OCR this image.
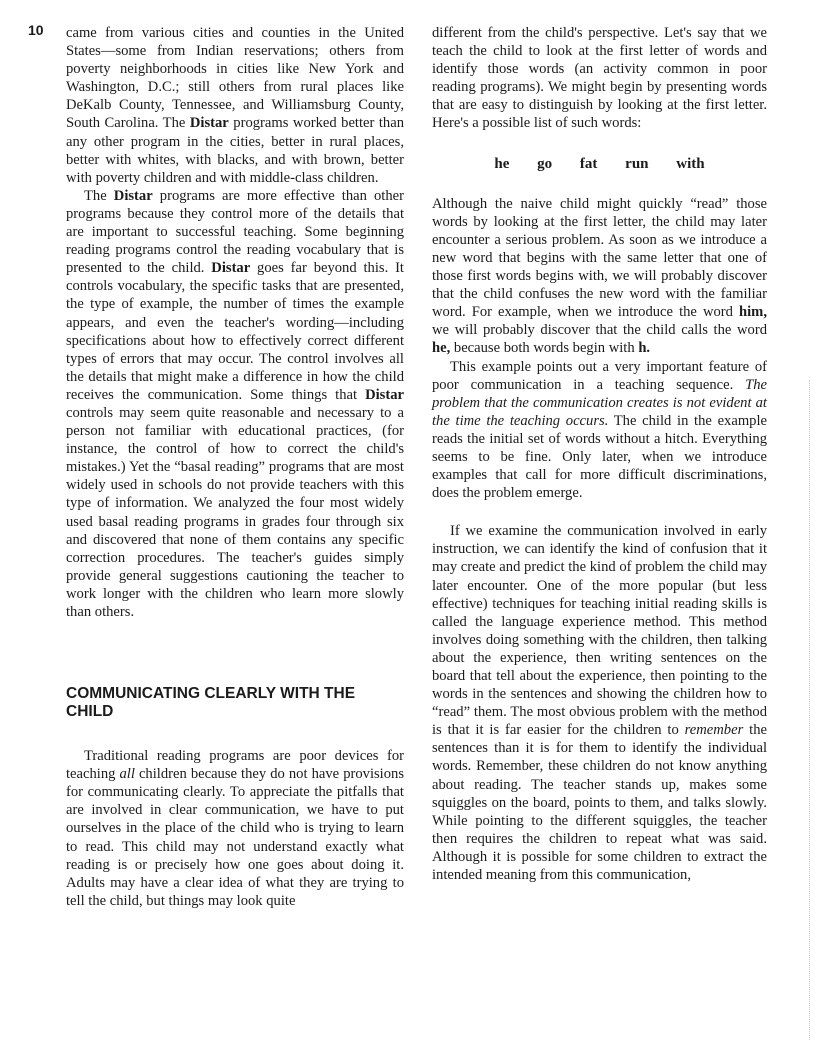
10 came from various cities and counties in the United States—some from Indian reservations; others from poverty neighborhoods in cities like New York and Washington, D.C.; still others from rural places like DeKalb County, Tennessee, and Williamsburg County, South Carolina. The Distar programs worked better than any other program in the cities, better in rural places, better with whites, with blacks, and with brown, better with poverty children and with middle-class children.

The Distar programs are more effective than other programs because they control more of the details that are important to successful teaching. Some beginning reading programs control the reading vocabulary that is presented to the child. Distar goes far beyond this. It controls vocabulary, the specific tasks that are presented, the type of example, the number of times the example appears, and even the teacher's wording—including specifications about how to effectively correct different types of errors that may occur. The control involves all the details that might make a difference in how the child receives the communication. Some things that Distar controls may seem quite reasonable and necessary to a person not familiar with educational practices, (for instance, the control of how to correct the child's mistakes.) Yet the “basal reading” programs that are most widely used in schools do not provide teachers with this type of information. We analyzed the four most widely used basal reading programs in grades four through six and discovered that none of them contains any specific correction procedures. The teacher's guides simply provide general suggestions cautioning the teacher to work longer with the children who learn more slowly than others.

COMMUNICATING CLEARLY WITH THE CHILD

Traditional reading programs are poor devices for teaching all children because they do not have provisions for communicating clearly. To appreciate the pitfalls that are involved in clear communication, we have to put ourselves in the place of the child who is trying to learn to read. This child may not understand exactly what reading is or precisely how one goes about doing it. Adults may have a clear idea of what they are trying to tell the child, but things may look quite

different from the child's perspective. Let's say that we teach the child to look at the first letter of words and identify those words (an activity common in poor reading programs). We might begin by presenting words that are easy to distinguish by looking at the first letter. Here's a possible list of such words:

he go fat run with

Although the naive child might quickly “read” those words by looking at the first letter, the child may later encounter a serious problem. As soon as we introduce a new word that begins with the same letter that one of those first words begins with, we will probably discover that the child confuses the new word with the familiar word. For example, when we introduce the word him, we will probably discover that the child calls the word he, because both words begin with h.

This example points out a very important feature of poor communication in a teaching sequence. The problem that the communication creates is not evident at the time the teaching occurs. The child in the example reads the initial set of words without a hitch. Everything seems to be fine. Only later, when we introduce examples that call for more difficult discriminations, does the problem emerge.

If we examine the communication involved in early instruction, we can identify the kind of confusion that it may create and predict the kind of problem the child may later encounter. One of the more popular (but less effective) techniques for teaching initial reading skills is called the language experience method. This method involves doing something with the children, then talking about the experience, then writing sentences on the board that tell about the experience, then pointing to the words in the sentences and showing the children how to “read” them. The most obvious problem with the method is that it is far easier for the children to remember the sentences than it is for them to identify the individual words. Remember, these children do not know anything about reading. The teacher stands up, makes some squiggles on the board, points to them, and talks slowly. While pointing to the different squiggles, the teacher then requires the children to repeat what was said. Although it is possible for some children to extract the intended meaning from this communication,
